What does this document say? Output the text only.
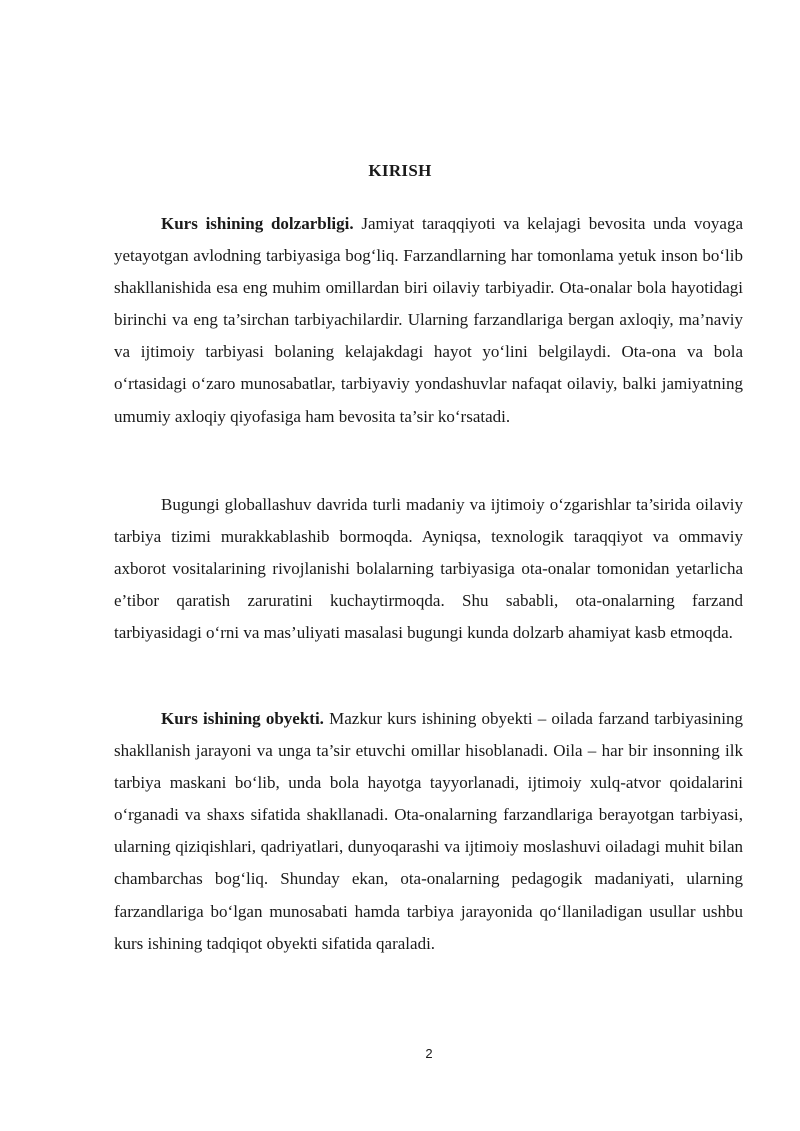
KIRISH

Kurs ishining dolzarbligi. Jamiyat taraqqiyoti va kelajagi bevosita unda voyaga yetayotgan avlodning tarbiyasiga bog‘liq. Farzandlarning har tomonlama yetuk inson bo‘lib shakllanishida esa eng muhim omillardan biri oilaviy tarbiyadir. Ota-onalar bola hayotidagi birinchi va eng ta’sirchan tarbiyachilardir. Ularning farzandlariga bergan axloqiy, ma’naviy va ijtimoiy tarbiyasi bolaning kelajakdagi hayot yo‘lini belgilaydi. Ota-ona va bola o‘rtasidagi o‘zaro munosabatlar, tarbiyaviy yondashuvlar nafaqat oilaviy, balki jamiyatning umumiy axloqiy qiyofasiga ham bevosita ta’sir ko‘rsatadi.

Bugungi globallashuv davrida turli madaniy va ijtimoiy o‘zgarishlar ta’sirida oilaviy tarbiya tizimi murakkablashib bormoqda. Ayniqsa, texnologik taraqqiyot va ommaviy axborot vositalarining rivojlanishi bolalarning tarbiyasiga ota-onalar tomonidan yetarlicha e’tibor qaratish zaruratini kuchaytirmoqda. Shu sababli, ota-onalarning farzand tarbiyasidagi o‘rni va mas’uliyati masalasi bugungi kunda dolzarb ahamiyat kasb etmoqda.

Kurs ishining obyekti. Mazkur kurs ishining obyekti – oilada farzand tarbiyasining shakllanish jarayoni va unga ta’sir etuvchi omillar hisoblanadi. Oila – har bir insonning ilk tarbiya maskani bo‘lib, unda bola hayotga tayyorlanadi, ijtimoiy xulq-atvor qoidalarini o‘rganadi va shaxs sifatida shakllanadi. Ota-onalarning farzandlariga berayotgan tarbiyasi, ularning qiziqishlari, qadriyatlari, dunyoqarashi va ijtimoiy moslashuvi oiladagi muhit bilan chambarchas bog‘liq. Shunday ekan, ota-onalarning pedagogik madaniyati, ularning farzandlariga bo‘lgan munosabati hamda tarbiya jarayonida qo‘llaniladigan usullar ushbu kurs ishining tadqiqot obyekti sifatida qaraladi.

2
